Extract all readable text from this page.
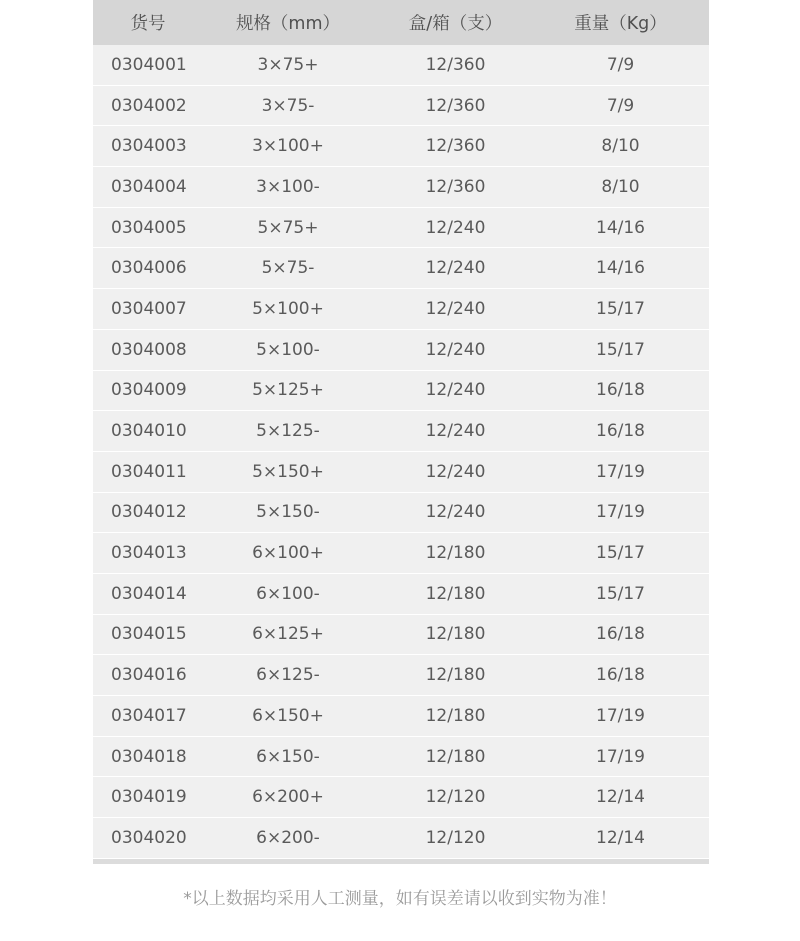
货号	规格（mm）	盒/箱（支）	重量（Kg）
0304001	3×75+	12/360	7/9
0304002	3×75-	12/360	7/9
0304003	3×100+	12/360	8/10
0304004	3×100-	12/360	8/10
0304005	5×75+	12/240	14/16
0304006	5×75-	12/240	14/16
0304007	5×100+	12/240	15/17
0304008	5×100-	12/240	15/17
0304009	5×125+	12/240	16/18
0304010	5×125-	12/240	16/18
0304011	5×150+	12/240	17/19
0304012	5×150-	12/240	17/19
0304013	6×100+	12/180	15/17
0304014	6×100-	12/180	15/17
0304015	6×125+	12/180	16/18
0304016	6×125-	12/180	16/18
0304017	6×150+	12/180	17/19
0304018	6×150-	12/180	17/19
0304019	6×200+	12/120	12/14
0304020	6×200-	12/120	12/14
*以上数据均采用人工测量，如有误差请以收到实物为准！
